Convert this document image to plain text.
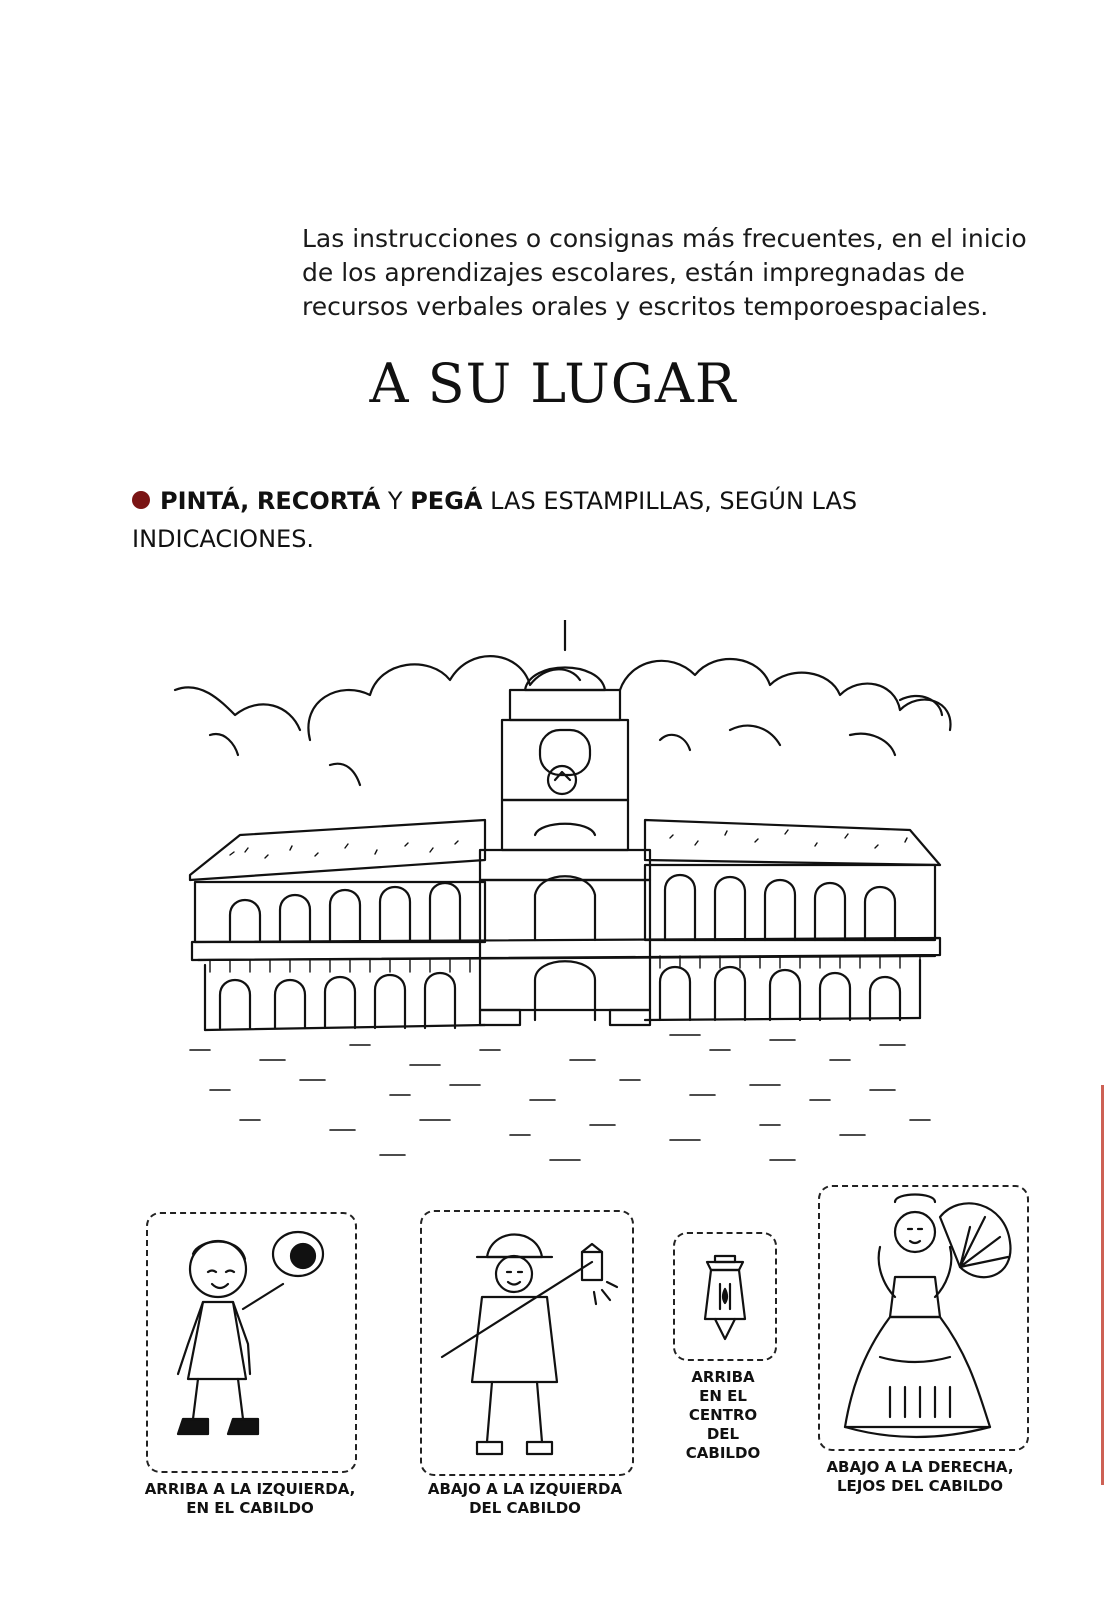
Las instrucciones o consignas más frecuentes, en el inicio
de los aprendizajes escolares, están impregnadas de
recursos verbales orales y escritos temporoespaciales.
A SU LUGAR
PINTÁ, RECORTÁ Y PEGÁ LAS ESTAMPILLAS, SEGÚN LAS
INDICACIONES.
ARRIBA A LA IZQUIERDA,
EN EL CABILDO
ABAJO A LA IZQUIERDA
DEL CABILDO
ARRIBA
EN EL
CENTRO
DEL
CABILDO
ABAJO A LA DERECHA,
LEJOS DEL CABILDO
